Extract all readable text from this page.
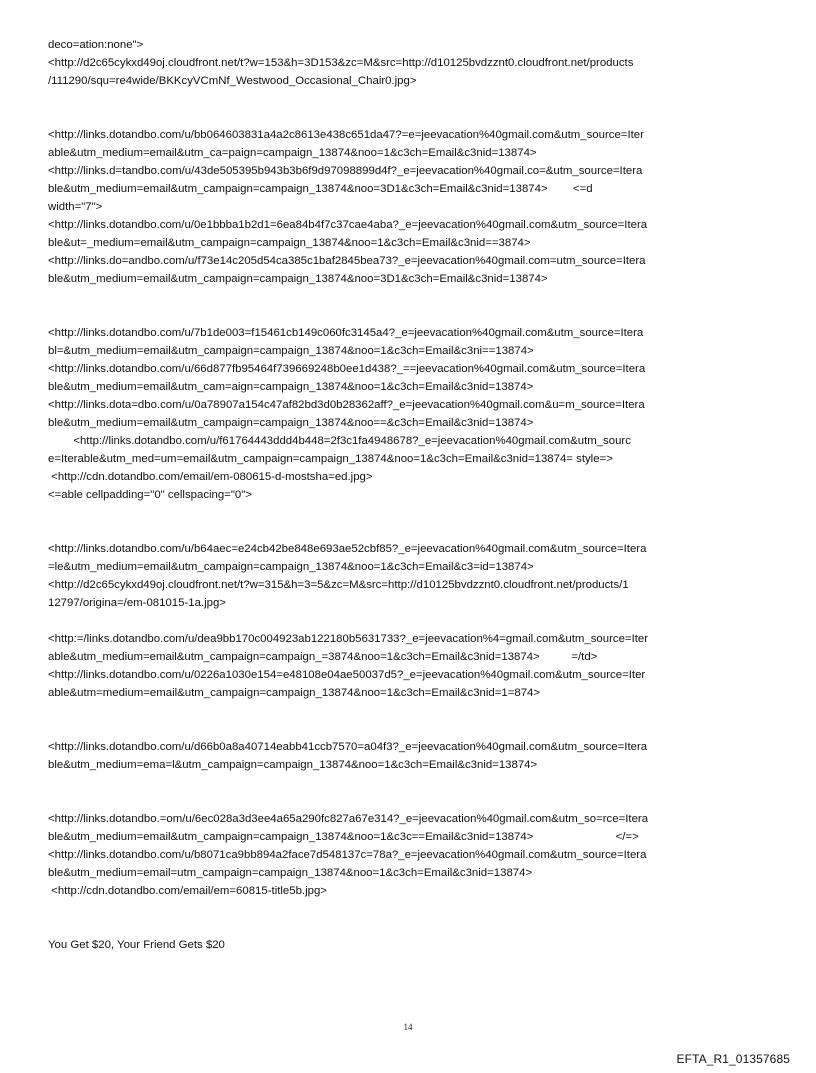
deco=ation:none">
<http://d2c65cykxd49oj.cloudfront.net/t?w=153&h=3D153&zc=M&src=http://d10125bvdzznt0.cloudfront.net/products
/111290/squ=re4wide/BKKcyVCmNf_Westwood_Occasional_Chair0.jpg>
<http://links.dotandbo.com/u/bb064603831a4a2c8613e438c651da47?=e=jeevacation%40gmail.com&utm_source=Iter
able&utm_medium=email&utm_ca=paign=campaign_13874&noo=1&c3ch=Email&c3nid=13874>
<http://links.d=tandbo.com/u/43de505395b943b3b6f9d97098899d4f?_e=jeevacation%40gmail.co=&utm_source=Itera
ble&utm_medium=email&utm_campaign=campaign_13874&noo=3D1&c3ch=Email&c3nid=13874>        <=d
width="7">
<http://links.dotandbo.com/u/0e1bbba1b2d1=6ea84b4f7c37cae4aba?_e=jeevacation%40gmail.com&utm_source=Itera
ble&ut=_medium=email&utm_campaign=campaign_13874&noo=1&c3ch=Email&c3nid==3874>
<http://links.do=andbo.com/u/f73e14c205d54ca385c1baf2845bea73?_e=jeevacation%40gmail.com=utm_source=Itera
ble&utm_medium=email&utm_campaign=campaign_13874&noo=3D1&c3ch=Email&c3nid=13874>
<http://links.dotandbo.com/u/7b1de003=f15461cb149c060fc3145a4?_e=jeevacation%40gmail.com&utm_source=Itera
bl=&utm_medium=email&utm_campaign=campaign_13874&noo=1&c3ch=Email&c3ni==13874>
<http://links.dotandbo.com/u/66d877fb95464f739669248b0ee1d438?_==jeevacation%40gmail.com&utm_source=Itera
ble&utm_medium=email&utm_cam=aign=campaign_13874&noo=1&c3ch=Email&c3nid=13874>
<http://links.dota=dbo.com/u/0a78907a154c47af82bd3d0b28362aff?_e=jeevacation%40gmail.com&u=m_source=Itera
ble&utm_medium=email&utm_campaign=campaign_13874&noo==&c3ch=Email&c3nid=13874>
<http://links.dotandbo.com/u/f61764443ddd4b448=2f3c1fa4948678?_e=jeevacation%40gmail.com&utm_sourc
e=Iterable&utm_med=um=email&utm_campaign=campaign_13874&noo=1&c3ch=Email&c3nid=13874= style=>
<http://cdn.dotandbo.com/email/em-080615-d-mostsha=ed.jpg>
<=able cellpadding="0" cellspacing="0">
<http://links.dotandbo.com/u/b64aec=e24cb42be848e693ae52cbf85?_e=jeevacation%40gmail.com&utm_source=Itera
=le&utm_medium=email&utm_campaign=campaign_13874&noo=1&c3ch=Email&c3=id=13874>
<http://d2c65cykxd49oj.cloudfront.net/t?w=315&h=3=5&zc=M&src=http://d10125bvdzznt0.cloudfront.net/products/1
12797/origina=/em-081015-1a.jpg>
<http:=/links.dotandbo.com/u/dea9bb170c004923ab122180b5631733?_e=jeevacation%4=gmail.com&utm_source=Iter
able&utm_medium=email&utm_campaign=campaign_=3874&noo=1&c3ch=Email&c3nid=13874>          =/td>
<http://links.dotandbo.com/u/0226a1030e154=e48108e04ae50037d5?_e=jeevacation%40gmail.com&utm_source=Iter
able&utm=medium=email&utm_campaign=campaign_13874&noo=1&c3ch=Email&c3nid=1=874>
<http://links.dotandbo.com/u/d66b0a8a40714eabb41ccb7570=a04f3?_e=jeevacation%40gmail.com&utm_source=Itera
ble&utm_medium=ema=l&utm_campaign=campaign_13874&noo=1&c3ch=Email&c3nid=13874>
<http://links.dotandbo.=om/u/6ec028a3d3ee4a65a290fc827a67e314?_e=jeevacation%40gmail.com&utm_so=rce=Itera
ble&utm_medium=email&utm_campaign=campaign_13874&noo=1&c3c==Email&c3nid=13874>                          </=>
<http://links.dotandbo.com/u/b8071ca9bb894a2face7d548137c=78a?_e=jeevacation%40gmail.com&utm_source=Itera
ble&utm_medium=email=utm_campaign=campaign_13874&noo=1&c3ch=Email&c3nid=13874>
<http://cdn.dotandbo.com/email/em=60815-title5b.jpg>
You Get $20, Your Friend Gets $20
14
EFTA_R1_01357685
